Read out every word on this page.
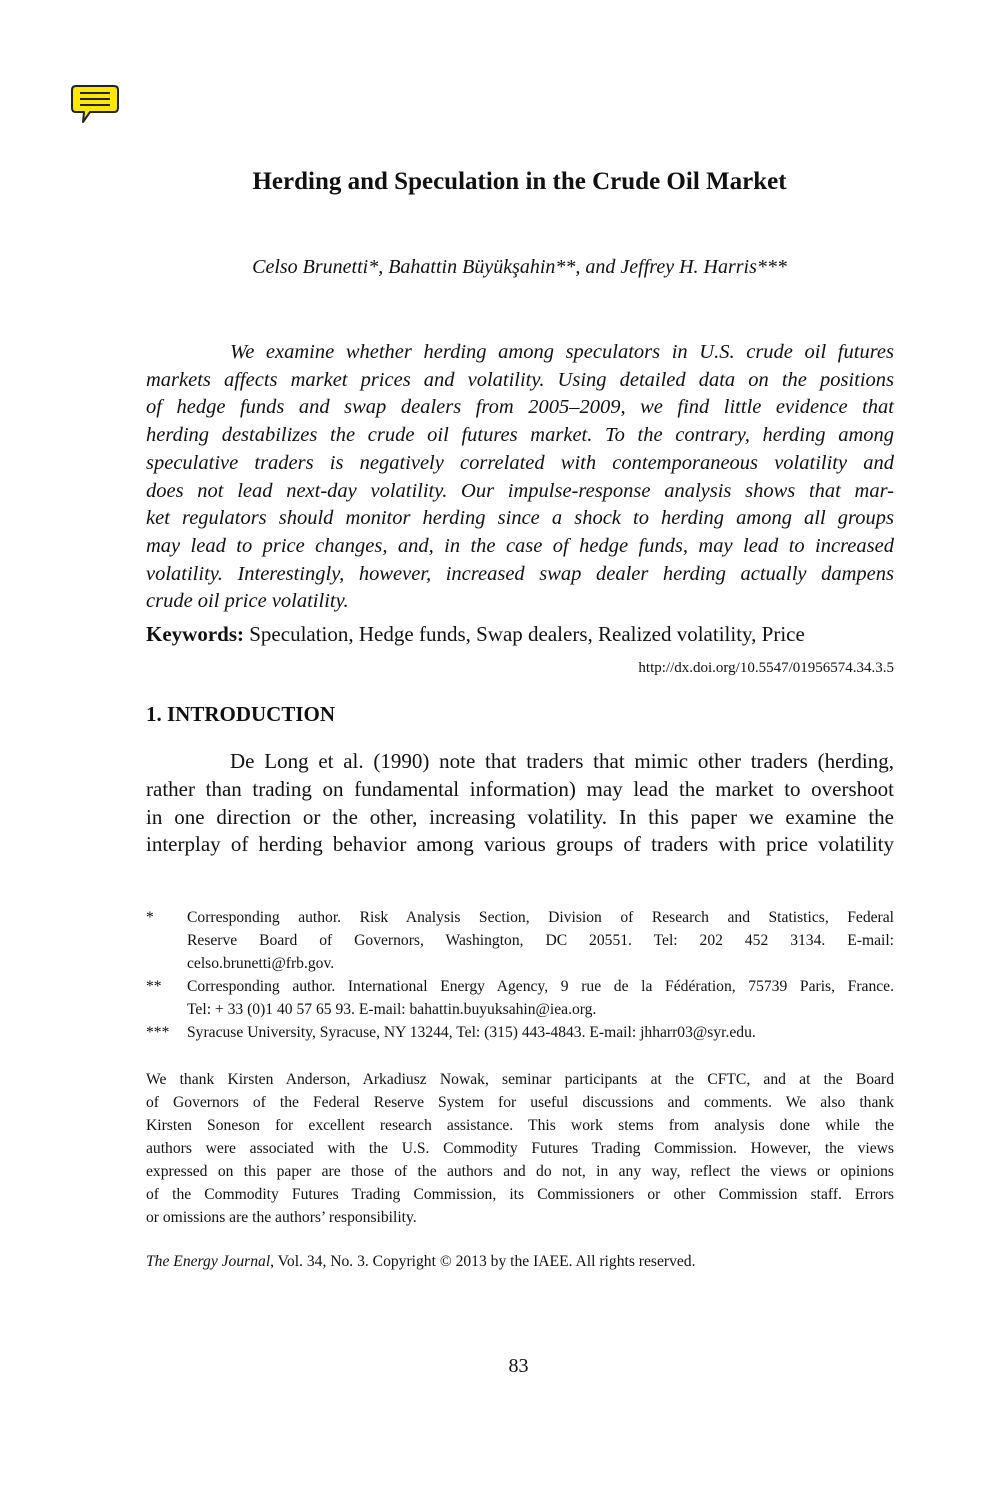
Herding and Speculation in the Crude Oil Market
Celso Brunetti*, Bahattin Büyükşahin**, and Jeffrey H. Harris***
We examine whether herding among speculators in U.S. crude oil futures
markets affects market prices and volatility. Using detailed data on the positions
of hedge funds and swap dealers from 2005–2009, we find little evidence that
herding destabilizes the crude oil futures market. To the contrary, herding among
speculative traders is negatively correlated with contemporaneous volatility and
does not lead next-day volatility. Our impulse-response analysis shows that mar-
ket regulators should monitor herding since a shock to herding among all groups
may lead to price changes, and, in the case of hedge funds, may lead to increased
volatility. Interestingly, however, increased swap dealer herding actually dampens
crude oil price volatility.
Keywords: Speculation, Hedge funds, Swap dealers, Realized volatility, Price
http://dx.doi.org/10.5547/01956574.34.3.5
1. INTRODUCTION
De Long et al. (1990) note that traders that mimic other traders (herding,
rather than trading on fundamental information) may lead the market to overshoot
in one direction or the other, increasing volatility. In this paper we examine the
interplay of herding behavior among various groups of traders with price volatility
* Corresponding author. Risk Analysis Section, Division of Research and Statistics, Federal
Reserve Board of Governors, Washington, DC 20551. Tel: 202 452 3134. E-mail:
celso.brunetti@frb.gov.
** Corresponding author. International Energy Agency, 9 rue de la Fédération, 75739 Paris, France.
Tel: + 33 (0)1 40 57 65 93. E-mail: bahattin.buyuksahin@iea.org.
*** Syracuse University, Syracuse, NY 13244, Tel: (315) 443-4843. E-mail: jhharr03@syr.edu.
We thank Kirsten Anderson, Arkadiusz Nowak, seminar participants at the CFTC, and at the Board
of Governors of the Federal Reserve System for useful discussions and comments. We also thank
Kirsten Soneson for excellent research assistance. This work stems from analysis done while the
authors were associated with the U.S. Commodity Futures Trading Commission. However, the views
expressed on this paper are those of the authors and do not, in any way, reflect the views or opinions
of the Commodity Futures Trading Commission, its Commissioners or other Commission staff. Errors
or omissions are the authors’ responsibility.
The Energy Journal, Vol. 34, No. 3. Copyright © 2013 by the IAEE. All rights reserved.
83
